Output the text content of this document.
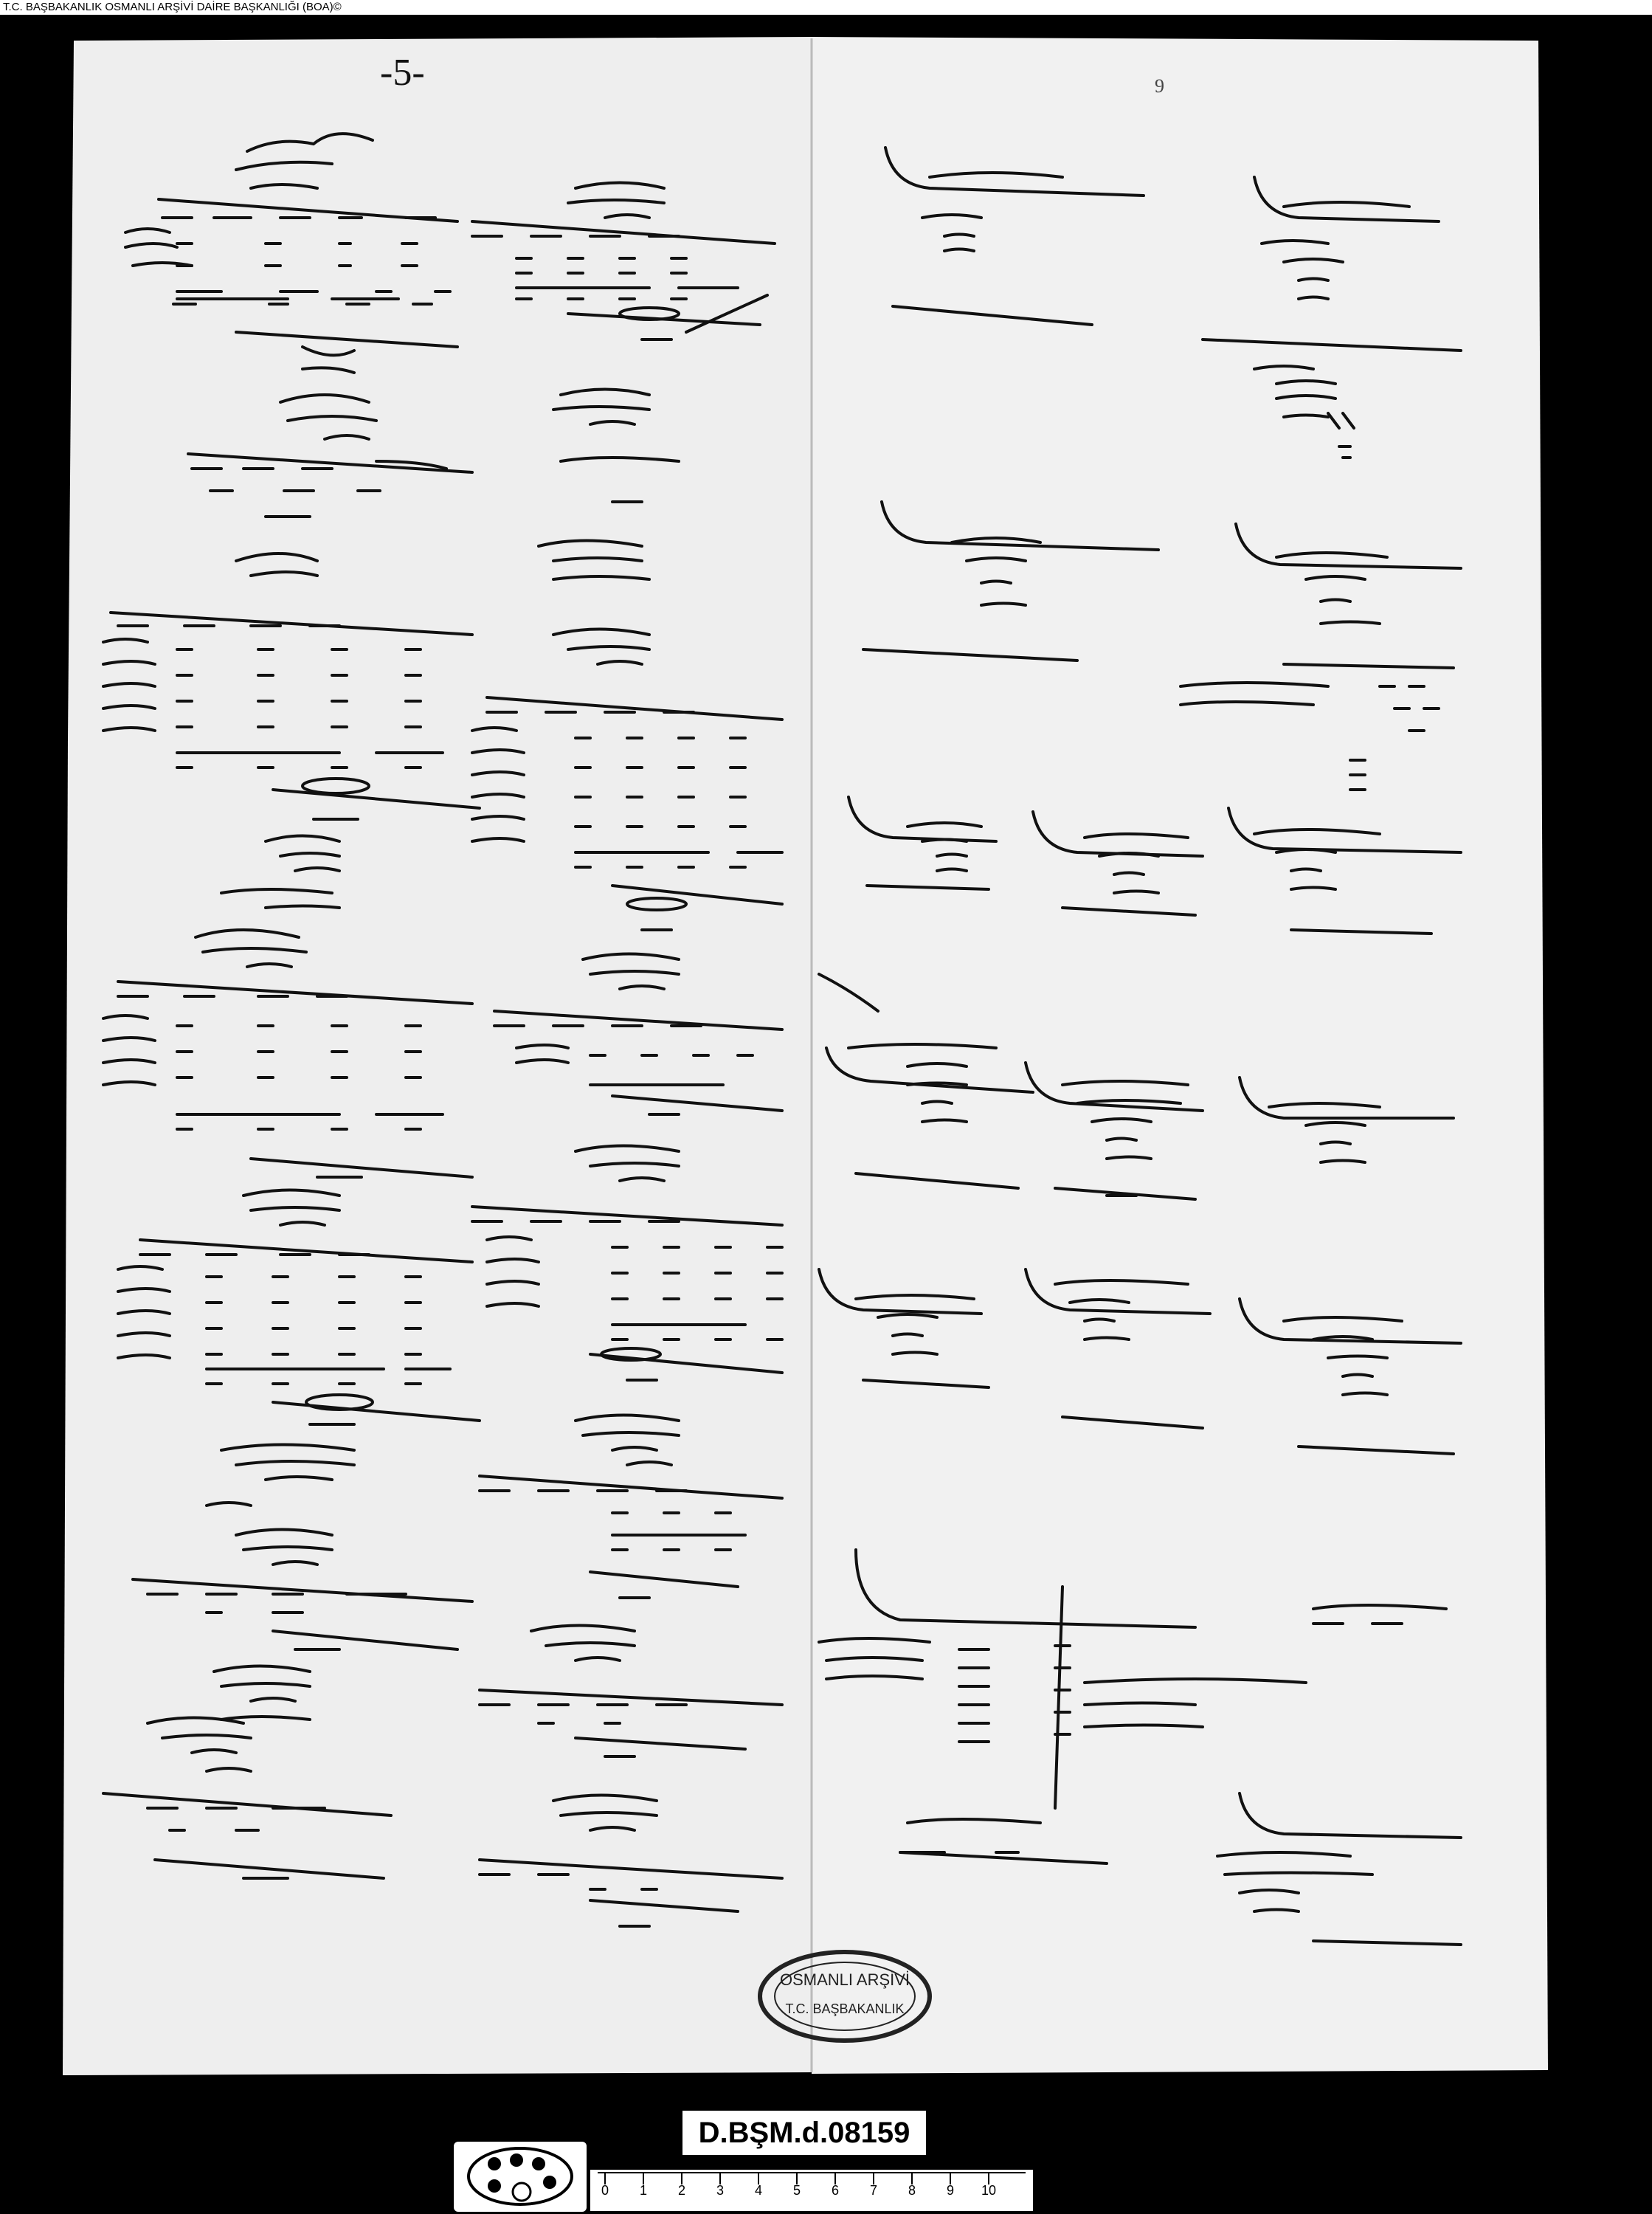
T.C. BAŞBAKANLIK OSMANLI ARŞİVİ DAİRE BAŞKANLIĞI (BOA)©
-5-	9
OSMANLI ARŞİVİ
T.C. BAŞBAKANLIK
D.BŞM.d.08159
0 1 2 3 4 5 6 7 8 9 10
